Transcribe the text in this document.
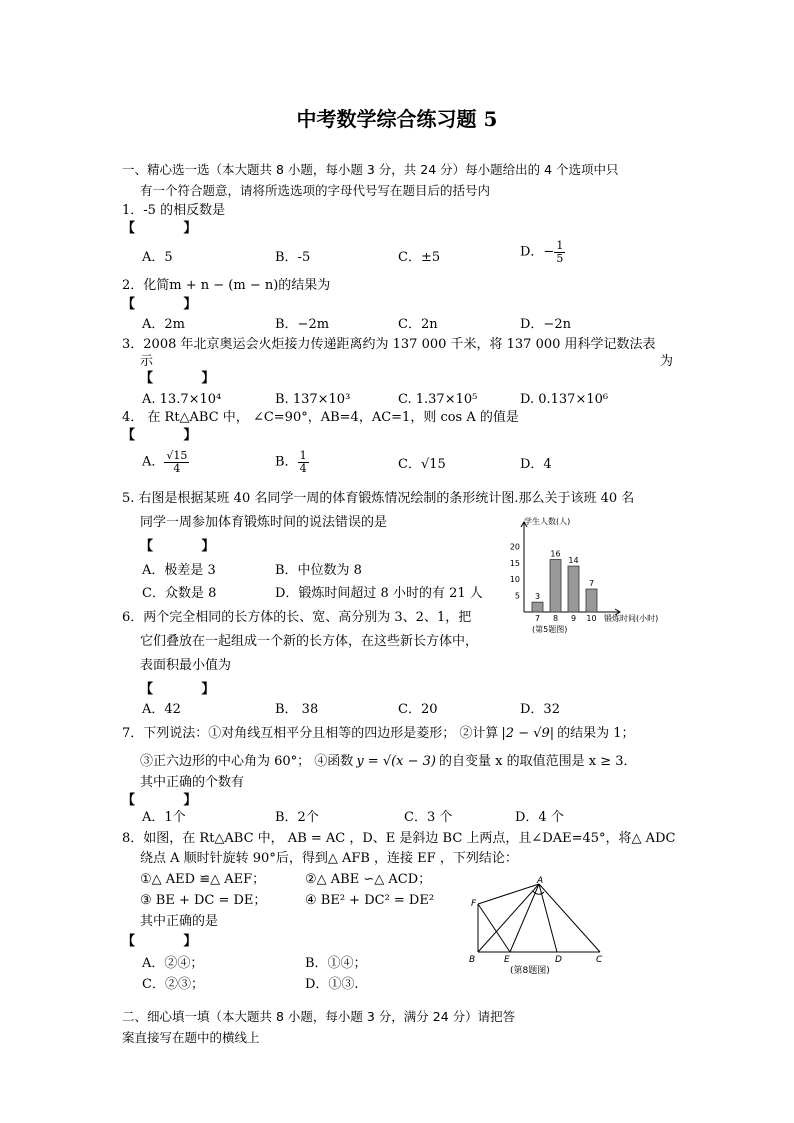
中考数学综合练习题 5
一、精心选一选（本大题共 8 小题，每小题 3 分，共 24 分）每小题给出的 4 个选项中只
有一个符合题意，请将所选选项的字母代号写在题目后的括号内
1．-5 的相反数是
【 】
A．5	B．-5	C．±5	D．− $\frac{1}{5}$
2．化简m + n − (m − n)的结果为
【 】
A．2m	B．−2m	C．2n	D．−2n
3．2008 年北京奥运会火炬接力传递距离约为 137 000 千米，将 137 000 用科学记数法表
示	为
【 】
A. 13.7×10⁴	B. 137×10³	C. 1.37×10⁵	D. 0.137×10⁶
4． 在 Rt△ABC 中， ∠C=90°，AB=4，AC=1，则 cos A 的值是
【 】
A． $\frac{√15}{4}$	B． $\frac{1}{4}$	C．√15	D．4
5. 右图是根据某班 40 名同学一周的体育锻炼情况绘制的条形统计图.那么关于该班 40 名
同学一周参加体育锻炼时间的说法错误的是
【 】
A．极差是 3	B．中位数为 8
C．众数是 8	D．锻炼时间超过 8 小时的有 21 人	5
10
15
20
3
7
16
8
14
9
7
10
学生人数(人)
锻炼时间(小时)
(第5题图)
6．两个完全相同的长方体的长、宽、高分别为 3、2、1，把
它们叠放在一起组成一个新的长方体，在这些新长方体中，
表面积最小值为
【 】
A．42	B． 38	C．20	D．32
7．下列说法：①对角线互相平分且相等的四边形是菱形； ②计算 |2 − √9| 的结果为 1；
③正六边形的中心角为 60°； ④函数 y = √(x − 3) 的自变量 x 的取值范围是 x ≥ 3．
其中正确的个数有
【 】
A．1个	B．2个	C．3 个	D．4 个
8．如图，在 Rt△ABC 中， AB = AC ，D、E 是斜边 BC 上两点，且∠DAE=45°，将△ ADC
绕点 A 顺时针旋转 90°后，得到△ AFB ，连接 EF ，下列结论：
①△ AED ≌△ AEF；	②△ ABE ∽△ ACD；
③ BE + DC = DE；	④ BE² + DC² = DE²
其中正确的是
【 】
A．②④；	B．①④；
C．②③；	D．①③.
A
F
B	E	D	C
(第8题图)
二、细心填一填（本大题共 8 小题，每小题 3 分，满分 24 分）请把答
案直接写在题中的横线上
